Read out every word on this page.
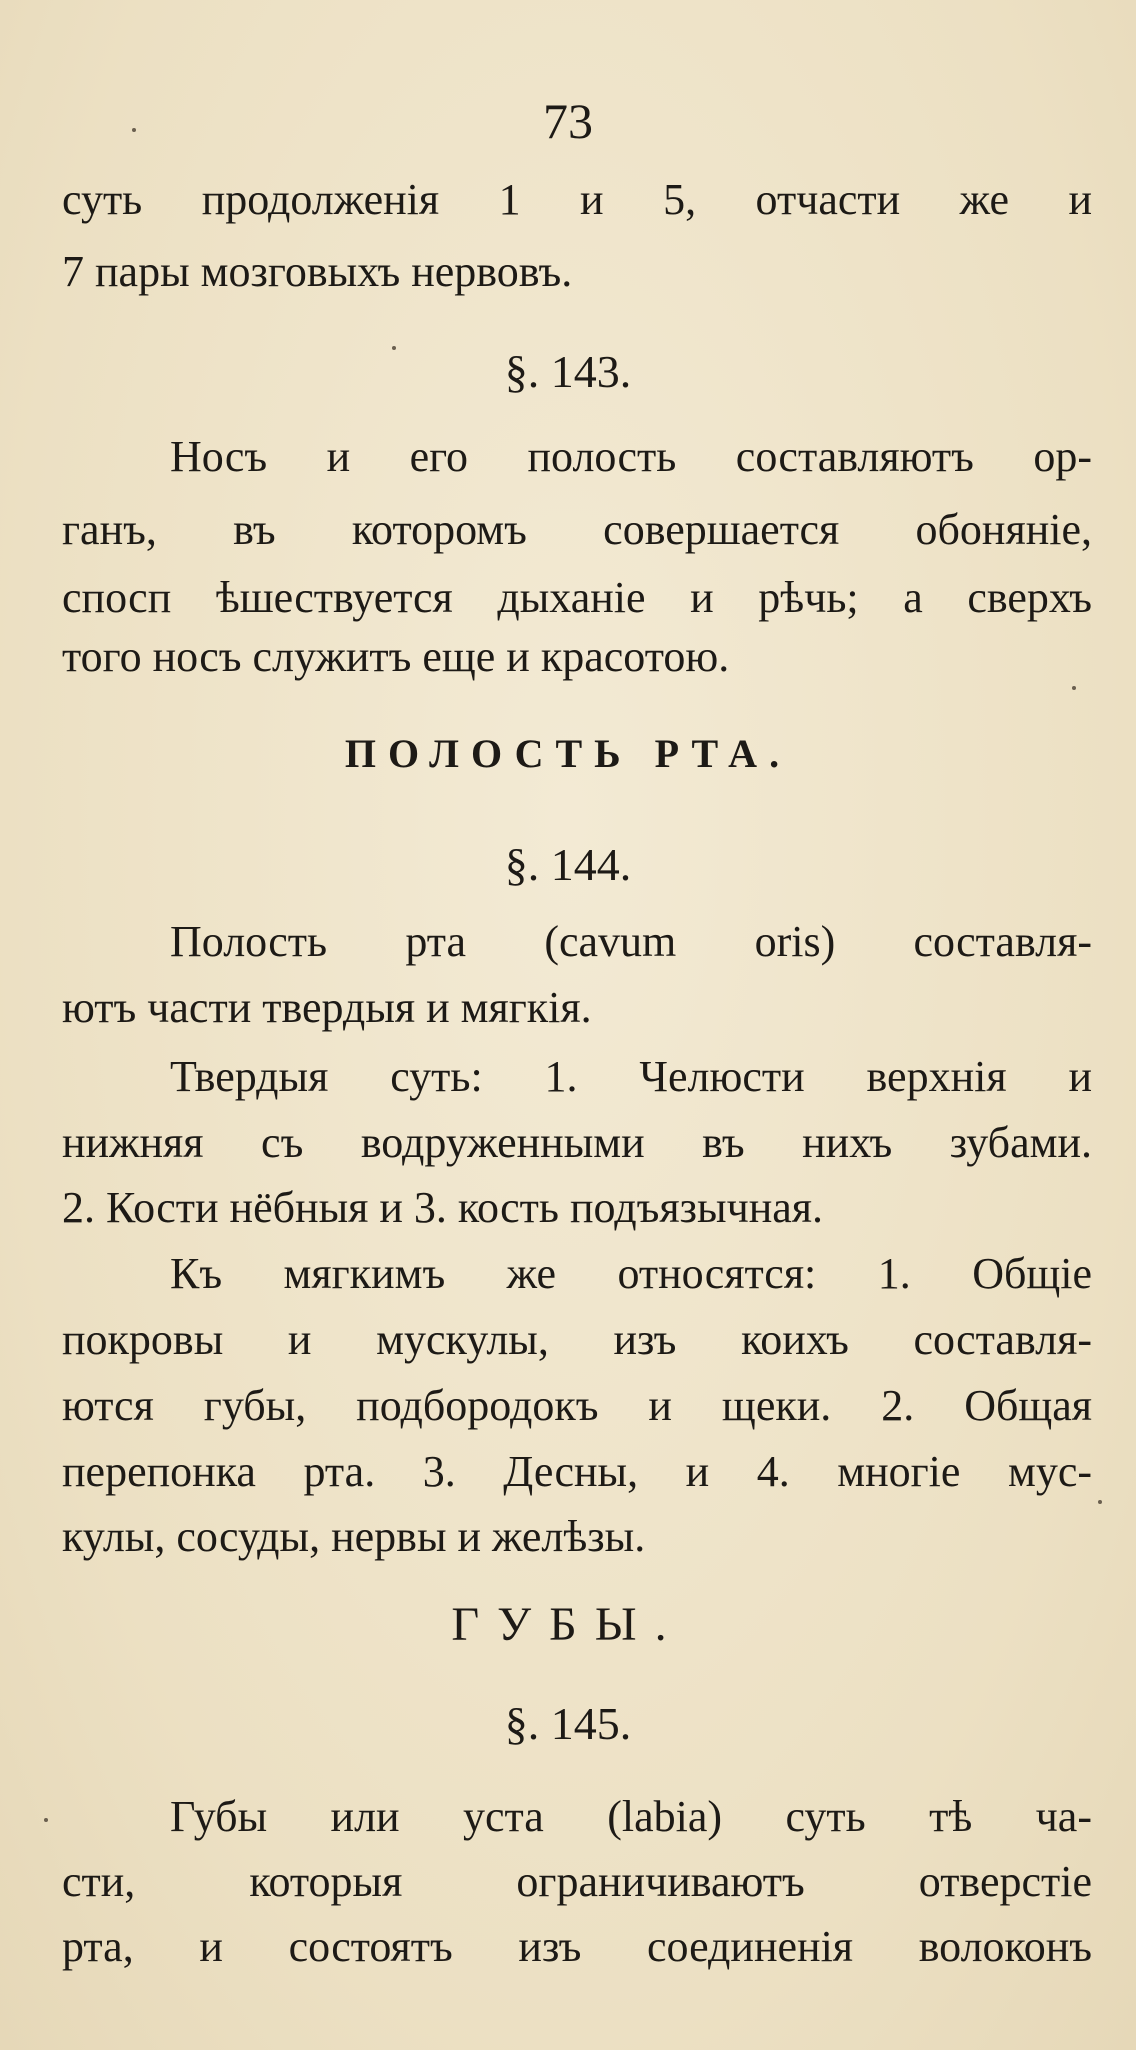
73
суть продолженія 1 и 5, отчасти же и
7 пары мозговыхъ нервовъ.
§. 143.
Носъ и его полость составляютъ ор-
ганъ, въ которомъ совершается обоняніе,
спосп ѣшествуется дыханіе и рѣчь; а сверхъ
того носъ служитъ еще и красотою.
ПОЛОСТЬ РТА.
§. 144.
Полость рта (cavum oris) составля-
ютъ части твердыя и мягкія.
Твердыя суть: 1. Челюсти верхнія и
нижняя съ водруженными въ нихъ зубами.
2. Кости нёбныя и 3. кость подъязычная.
Къ мягкимъ же относятся: 1. Общіе
покровы и мускулы, изъ коихъ составля-
ются губы, подбородокъ и щеки. 2. Общая
перепонка рта. 3. Десны, и 4. многіе мус-
кулы, сосуды, нервы и желѣзы.
ГУБЫ.
§. 145.
Губы или уста (labia) суть тѣ ча-
сти, которыя ограничиваютъ отверстіе
рта, и состоятъ изъ соединенія волоконъ
